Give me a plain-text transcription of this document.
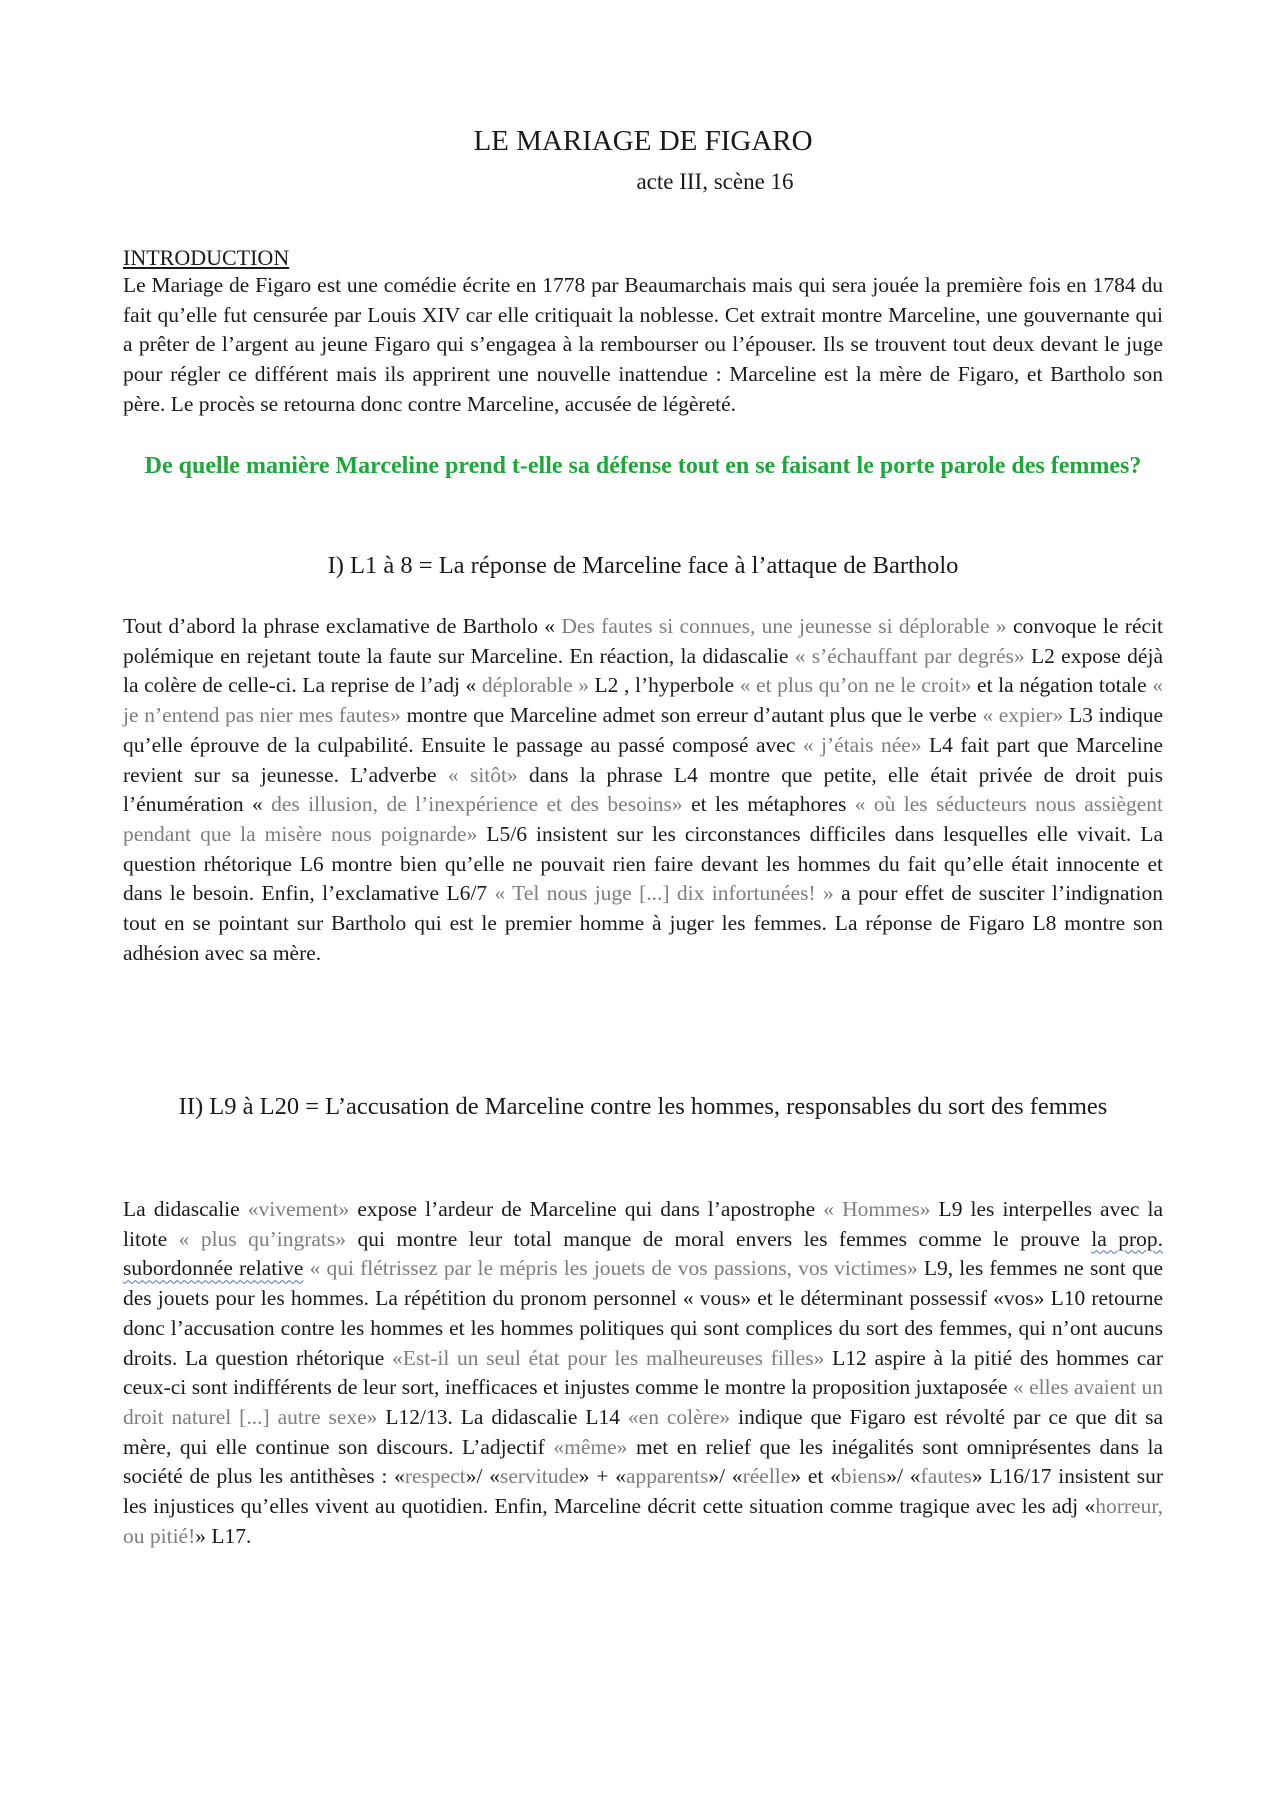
LE MARIAGE DE FIGARO
acte III, scène 16
INTRODUCTION

Le Mariage de Figaro est une comédie écrite en 1778 par Beaumarchais mais qui sera jouée la première fois en 1784 du fait qu’elle fut censurée par Louis XIV car elle critiquait la noblesse. Cet extrait montre Marceline, une gouvernante qui a prêter de l’argent au jeune Figaro qui s’engagea à la rembourser ou l’épouser. Ils se trouvent tout deux devant le juge pour régler ce différent mais ils apprirent une nouvelle inattendue : Marceline est la mère de Figaro, et Bartholo son père. Le procès se retourna donc contre Marceline, accusée de légèreté.

De quelle manière Marceline prend t-elle sa défense tout en se faisant le porte parole des femmes?

I) L1 à 8 = La réponse de Marceline face à l’attaque de Bartholo

Tout d’abord la phrase exclamative de Bartholo « Des fautes si connues, une jeunesse si déplorable » convoque le récit polémique en rejetant toute la faute sur Marceline. En réaction, la didascalie « s’échauffant par degrés» L2 expose déjà la colère de celle-ci. La reprise de l’adj « déplorable » L2 , l’hyperbole « et plus qu’on ne le croit» et la négation totale « je n’entend pas nier mes fautes» montre que Marceline admet son erreur d’autant plus que le verbe « expier» L3 indique qu’elle éprouve de la culpabilité. Ensuite le passage au passé composé avec « j’étais née» L4 fait part que Marceline revient sur sa jeunesse. L’adverbe « sitôt» dans la phrase L4 montre que petite, elle était privée de droit puis l’énumération « des illusion, de l’inexpérience et des besoins» et les métaphores « où les séducteurs nous assiègent pendant que la misère nous poignarde» L5/6 insistent sur les circonstances difficiles dans lesquelles elle vivait. La question rhétorique L6 montre bien qu’elle ne pouvait rien faire devant les hommes du fait qu’elle était innocente et dans le besoin. Enfin, l’exclamative L6/7 « Tel nous juge [...] dix infortunées! » a pour effet de susciter l’indignation tout en se pointant sur Bartholo qui est le premier homme à juger les femmes. La réponse de Figaro L8 montre son adhésion avec sa mère.

II) L9 à L20 = L’accusation de Marceline contre les hommes, responsables du sort des femmes

La didascalie «vivement» expose l’ardeur de Marceline qui dans l’apostrophe « Hommes» L9 les interpelles avec la litote « plus qu’ingrats» qui montre leur total manque de moral envers les femmes comme le prouve la prop. subordonnée relative « qui flétrissez par le mépris les jouets de vos passions, vos victimes» L9, les femmes ne sont que des jouets pour les hommes. La répétition du pronom personnel « vous» et le déterminant possessif «vos» L10 retourne donc l’accusation contre les hommes et les hommes politiques qui sont complices du sort des femmes, qui n’ont aucuns droits. La question rhétorique «Est-il un seul état pour les malheureuses filles» L12 aspire à la pitié des hommes car ceux-ci sont indifférents de leur sort, inefficaces et injustes comme le montre la proposition juxtaposée « elles avaient un droit naturel [...] autre sexe» L12/13. La didascalie L14 «en colère» indique que Figaro est révolté par ce que dit sa mère, qui elle continue son discours. L’adjectif «même» met en relief que les inégalités sont omniprésentes dans la société de plus les antithèses : «respect»/ «servitude» + «apparents»/ «réelle» et «biens»/ «fautes» L16/17 insistent sur les injustices qu’elles vivent au quotidien. Enfin, Marceline décrit cette situation comme tragique avec les adj «horreur, ou pitié!» L17.
